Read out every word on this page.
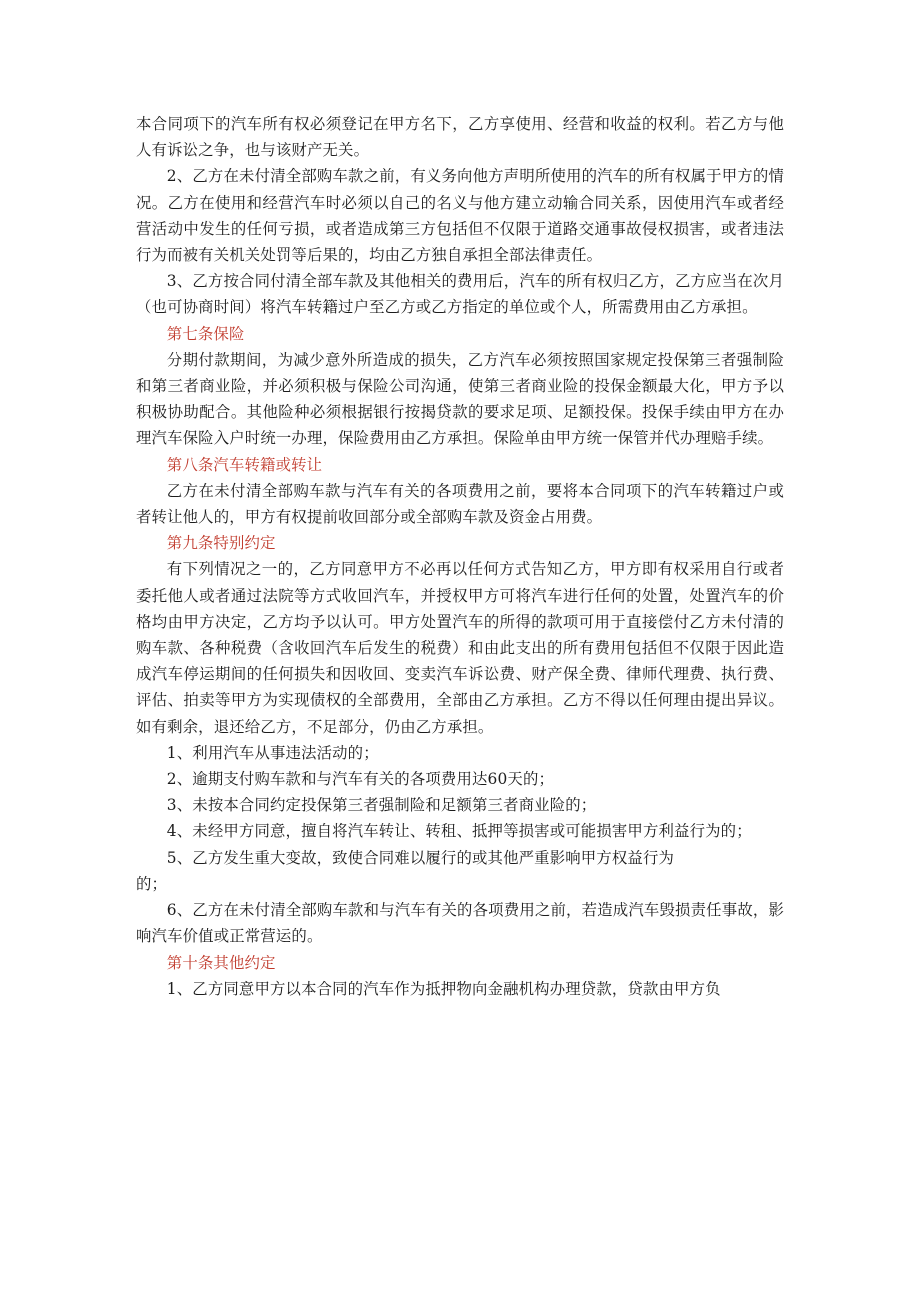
本合同项下的汽车所有权必须登记在甲方名下，乙方享使用、经营和收益的权利。若乙方与他人有诉讼之争，也与该财产无关。

2、乙方在未付清全部购车款之前，有义务向他方声明所使用的汽车的所有权属于甲方的情况。乙方在使用和经营汽车时必须以自己的名义与他方建立动输合同关系，因使用汽车或者经营活动中发生的任何亏损，或者造成第三方包括但不仅限于道路交通事故侵权损害，或者违法行为而被有关机关处罚等后果的，均由乙方独自承担全部法律责任。

3、乙方按合同付清全部车款及其他相关的费用后，汽车的所有权归乙方，乙方应当在次月（也可协商时间）将汽车转籍过户至乙方或乙方指定的单位或个人，所需费用由乙方承担。

第七条保险

分期付款期间，为减少意外所造成的损失，乙方汽车必须按照国家规定投保第三者强制险和第三者商业险，并必须积极与保险公司沟通，使第三者商业险的投保金额最大化，甲方予以积极协助配合。其他险种必须根据银行按揭贷款的要求足项、足额投保。投保手续由甲方在办理汽车保险入户时统一办理，保险费用由乙方承担。保险单由甲方统一保管并代办理赔手续。

第八条汽车转籍或转让

乙方在未付清全部购车款与汽车有关的各项费用之前，要将本合同项下的汽车转籍过户或者转让他人的，甲方有权提前收回部分或全部购车款及资金占用费。

第九条特别约定

有下列情况之一的，乙方同意甲方不必再以任何方式告知乙方，甲方即有权采用自行或者委托他人或者通过法院等方式收回汽车，并授权甲方可将汽车进行任何的处置，处置汽车的价格均由甲方决定，乙方均予以认可。甲方处置汽车的所得的款项可用于直接偿付乙方未付清的购车款、各种税费（含收回汽车后发生的税费）和由此支出的所有费用包括但不仅限于因此造成汽车停运期间的任何损失和因收回、变卖汽车诉讼费、财产保全费、律师代理费、执行费、评估、拍卖等甲方为实现债权的全部费用，全部由乙方承担。乙方不得以任何理由提出异议。如有剩余，退还给乙方，不足部分，仍由乙方承担。

1、利用汽车从事违法活动的；

2、逾期支付购车款和与汽车有关的各项费用达60天的；

3、未按本合同约定投保第三者强制险和足额第三者商业险的；

4、未经甲方同意，擅自将汽车转让、转租、抵押等损害或可能损害甲方利益行为的；

5、乙方发生重大变故，致使合同难以履行的或其他严重影响甲方权益行为

的；

6、乙方在未付清全部购车款和与汽车有关的各项费用之前，若造成汽车毁损责任事故，影响汽车价值或正常营运的。

第十条其他约定

1、乙方同意甲方以本合同的汽车作为抵押物向金融机构办理贷款，贷款由甲方负
